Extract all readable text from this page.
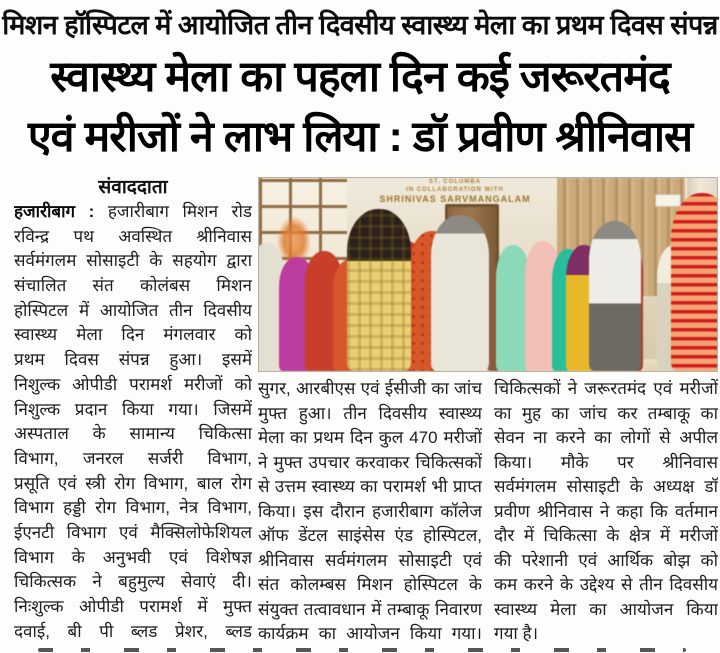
मिशन हॉस्पिटल में आयोजित तीन दिवसीय स्वास्थ्य मेला का प्रथम दिवस संपन्न
स्वास्थ्य मेला का पहला दिन कई जरूरतमंद
एवं मरीजों ने लाभ लिया : डॉ प्रवीण श्रीनिवास
संवाददाता
हजारीबाग : हजारीबाग मिशन रोड
रविन्द्र पथ अवस्थित श्रीनिवास
सर्वमंगलम सोसाइटी के सहयोग द्वारा
संचालित संत कोलंबस मिशन
होस्पिटल में आयोजित तीन दिवसीय
स्वास्थ्य मेला दिन मंगलवार को
प्रथम दिवस संपन्न हुआ। इसमें
निशुल्क ओपीडी परामर्श मरीजों को
निशुल्क प्रदान किया गया। जिसमें
अस्पताल के सामान्य चिकित्सा
विभाग, जनरल सर्जरी विभाग,
प्रसूति एवं स्त्री रोग विभाग, बाल रोग
विभाग हड्डी रोग विभाग, नेत्र विभाग,
ईएनटी विभाग एवं मैक्सिलोफेशियल
विभाग के अनुभवी एवं विशेषज्ञ
चिकित्सक ने बहुमुल्य सेवाएं दी।
निःशुल्क ओपीडी परामर्श में मुफ्त
दवाई, बी पी ब्लड प्रेशर, ब्लड
ST. COLUMBA
IN COLLABORATION WITH
SHRINIVAS SARVMANGALAM
सुगर, आरबीएस एवं ईसीजी का जांच
मुफ्त हुआ। तीन दिवसीय स्वास्थ्य
मेला का प्रथम दिन कुल 470 मरीजों
ने मुफ्त उपचार करवाकर चिकित्सकों
से उत्तम स्वास्थ्य का परामर्श भी प्राप्त
किया। इस दौरान हजारीबाग कॉलेज
ऑफ डेंटल साइंसेस एंड होस्पिटल,
श्रीनिवास सर्वमंगलम सोसाइटी एवं
संत कोलम्बस मिशन होस्पिटल के
संयुक्त तत्वावधान में तम्बाकू निवारण
कार्यक्रम का आयोजन किया गया।
चिकित्सकों ने जरूरतमंद एवं मरीजों
का मुह का जांच कर तम्बाकू का
सेवन ना करने का लोगों से अपील
किया। मौके पर श्रीनिवास
सर्वमंगलम सोसाइटी के अध्यक्ष डॉ
प्रवीण श्रीनिवास ने कहा कि वर्तमान
दौर में चिकित्सा के क्षेत्र में मरीजों
की परेशानी एवं आर्थिक बोझ को
कम करने के उद्देश्य से तीन दिवसीय
स्वास्थ्य मेला का आयोजन किया
गया है।
